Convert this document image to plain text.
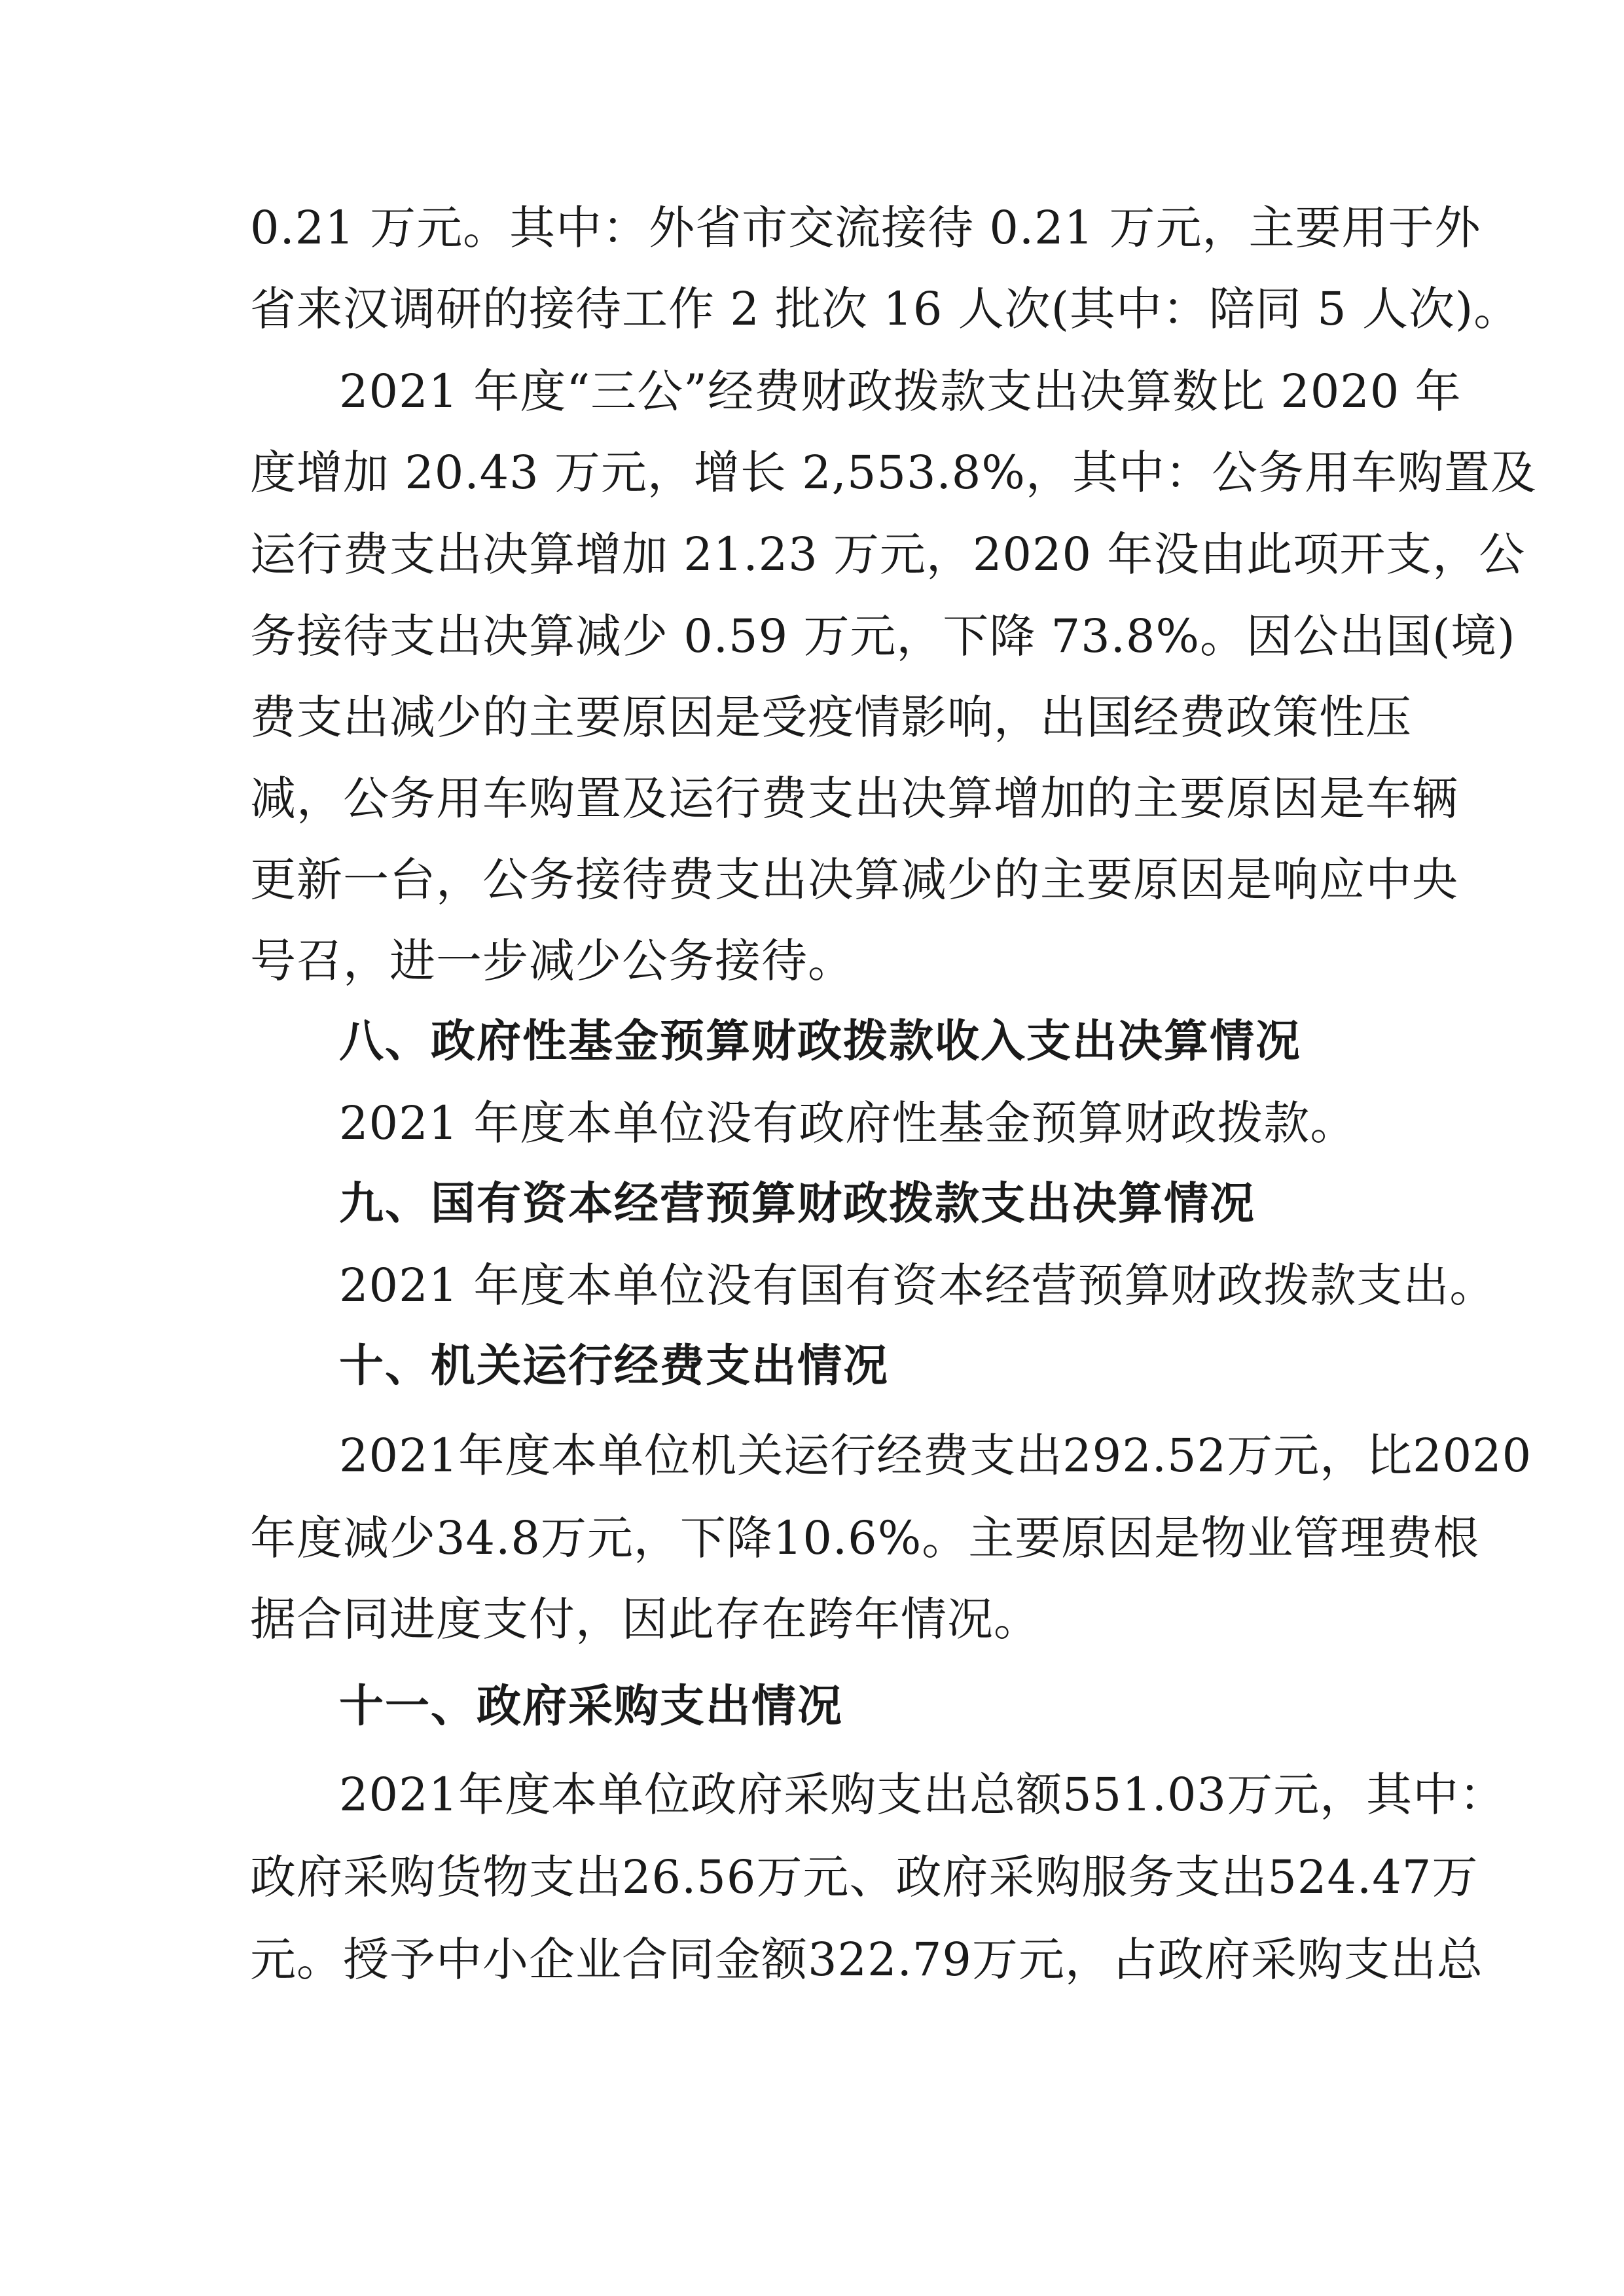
0.21 万元。其中：外省市交流接待 0.21 万元，主要用于外
省来汉调研的接待工作 2 批次 16 人次(其中：陪同 5 人次)。
2021 年度“三公”经费财政拨款支出决算数比 2020 年
度增加 20.43 万元，增长 2,553.8%，其中：公务用车购置及
运行费支出决算增加 21.23 万元，2020 年没由此项开支，公
务接待支出决算减少 0.59 万元，下降 73.8%。因公出国(境)
费支出减少的主要原因是受疫情影响，出国经费政策性压
减，公务用车购置及运行费支出决算增加的主要原因是车辆
更新一台，公务接待费支出决算减少的主要原因是响应中央
号召，进一步减少公务接待。
八、政府性基金预算财政拨款收入支出决算情况
2021 年度本单位没有政府性基金预算财政拨款。
九、国有资本经营预算财政拨款支出决算情况
2021 年度本单位没有国有资本经营预算财政拨款支出。
十、机关运行经费支出情况
2021年度本单位机关运行经费支出292.52万元，比2020
年度减少34.8万元，下降10.6%。主要原因是物业管理费根
据合同进度支付，因此存在跨年情况。
十一、政府采购支出情况
2021年度本单位政府采购支出总额551.03万元，其中：
政府采购货物支出26.56万元、政府采购服务支出524.47万
元。授予中小企业合同金额322.79万元，占政府采购支出总
